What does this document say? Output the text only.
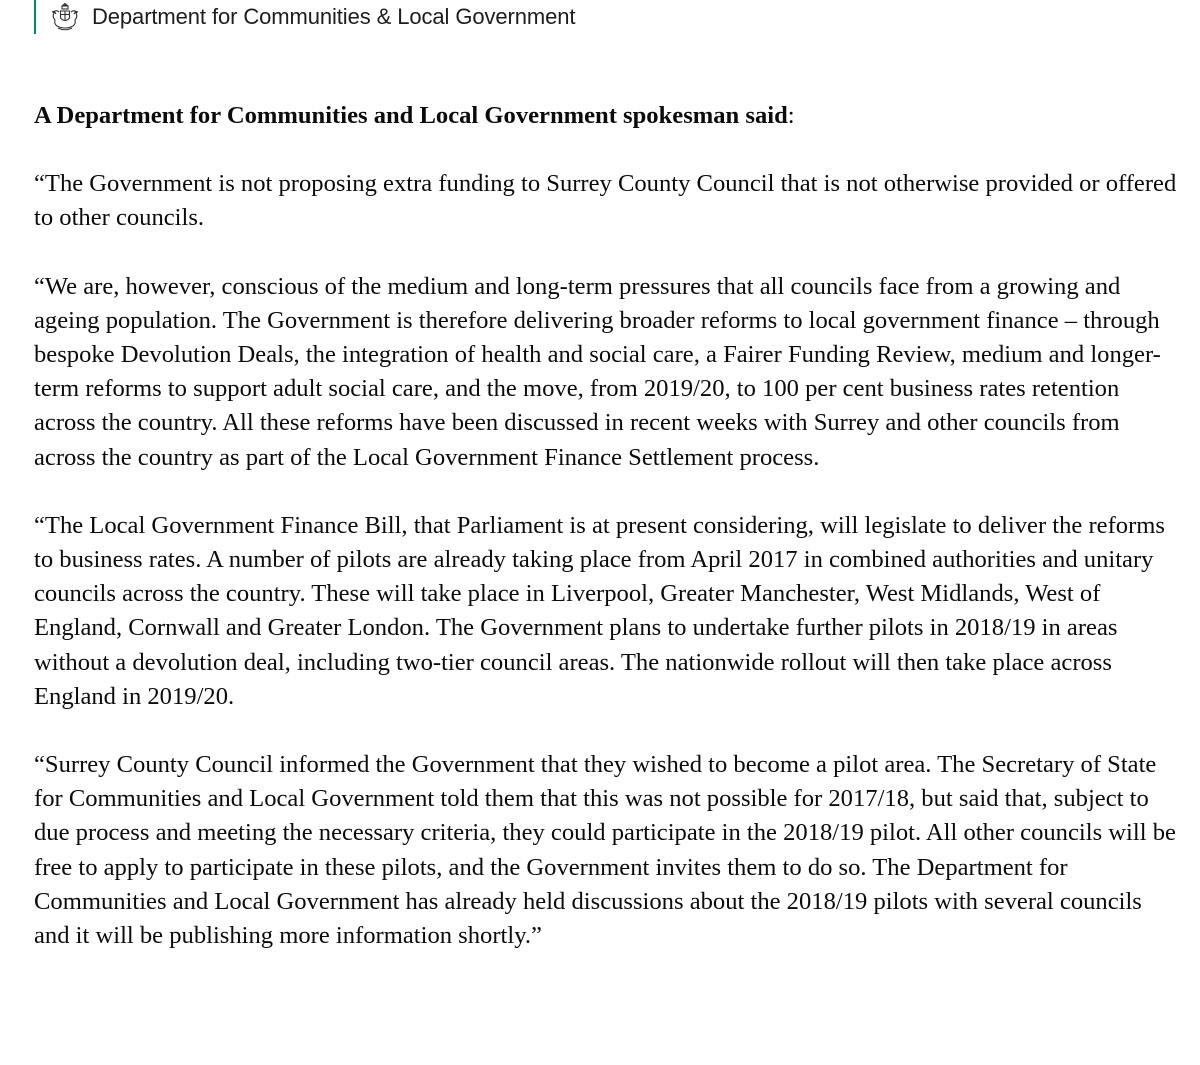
Department for Communities & Local Government

A Department for Communities and Local Government spokesman said:

“The Government is not proposing extra funding to Surrey County Council that is not otherwise provided or offered to other councils.

“We are, however, conscious of the medium and long-term pressures that all councils face from a growing and ageing population. The Government is therefore delivering broader reforms to local government finance – through bespoke Devolution Deals, the integration of health and social care, a Fairer Funding Review, medium and longer-term reforms to support adult social care, and the move, from 2019/20, to 100 per cent business rates retention across the country. All these reforms have been discussed in recent weeks with Surrey and other councils from across the country as part of the Local Government Finance Settlement process.

“The Local Government Finance Bill, that Parliament is at present considering, will legislate to deliver the reforms to business rates. A number of pilots are already taking place from April 2017 in combined authorities and unitary councils across the country. These will take place in Liverpool, Greater Manchester, West Midlands, West of England, Cornwall and Greater London. The Government plans to undertake further pilots in 2018/19 in areas without a devolution deal, including two-tier council areas. The nationwide rollout will then take place across England in 2019/20.

“Surrey County Council informed the Government that they wished to become a pilot area. The Secretary of State for Communities and Local Government told them that this was not possible for 2017/18, but said that, subject to due process and meeting the necessary criteria, they could participate in the 2018/19 pilot. All other councils will be free to apply to participate in these pilots, and the Government invites them to do so. The Department for Communities and Local Government has already held discussions about the 2018/19 pilots with several councils and it will be publishing more information shortly.”
